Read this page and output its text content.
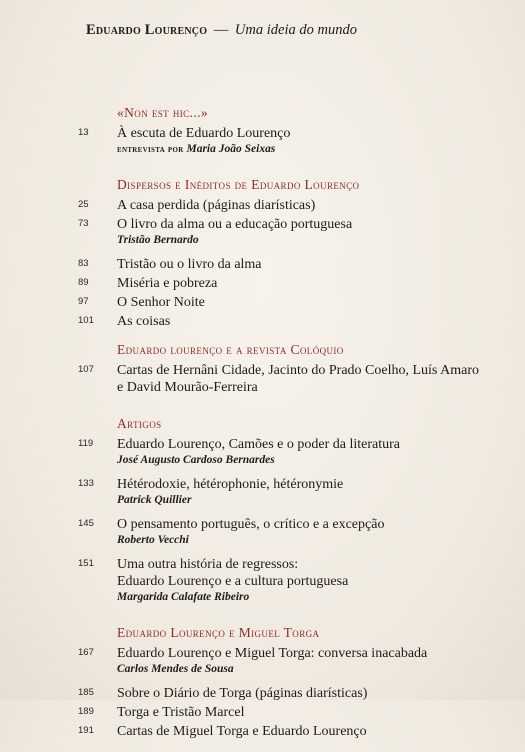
Eduardo Lourenço — Uma ideia do mundo
«Non est hic...»
13	À escuta de Eduardo Lourenço
entrevista por Maria João Seixas
Dispersos e Inéditos de Eduardo Lourenço
25	A casa perdida (páginas diarísticas)
73	O livro da alma ou a educação portuguesa
Tristão Bernardo
83	Tristão ou o livro da alma
89	Miséria e pobreza
97	O Senhor Noite
101	As coisas
Eduardo lourenço e a revista Colóquio
107	Cartas de Hernâni Cidade, Jacinto do Prado Coelho, Luís Amaro
e David Mourão-Ferreira
Artigos
119	Eduardo Lourenço, Camões e o poder da literatura
José Augusto Cardoso Bernardes
133	Hétérodoxie, hétérophonie, hétéronymie
Patrick Quillier
145	O pensamento português, o crítico e a excepção
Roberto Vecchi
151	Uma outra história de regressos:
Eduardo Lourenço e a cultura portuguesa
Margarida Calafate Ribeiro
Eduardo Lourenço e Miguel Torga
167	Eduardo Lourenço e Miguel Torga: conversa inacabada
Carlos Mendes de Sousa
185	Sobre o Diário de Torga (páginas diarísticas)
189	Torga e Tristão Marcel
191	Cartas de Miguel Torga e Eduardo Lourenço
